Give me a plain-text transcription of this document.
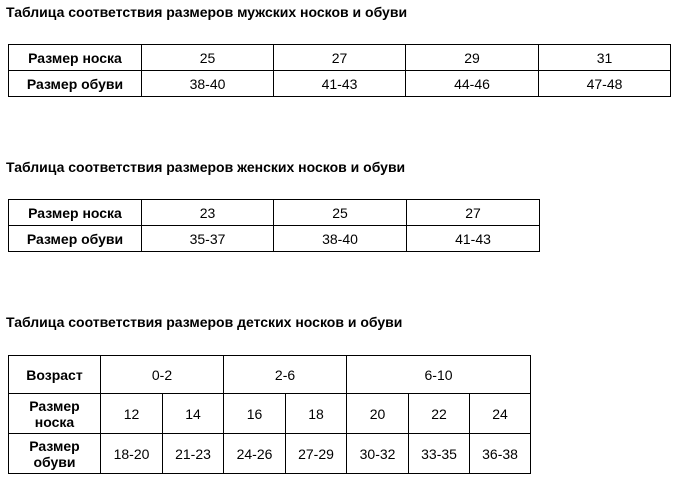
Таблица соответствия размеров мужских носков и обуви
Размер носка	25	27	29	31
Размер обуви	38-40	41-43	44-46	47-48
Таблица соответствия размеров женских носков и обуви
Размер носка	23	25	27
Размер обуви	35-37	38-40	41-43
Таблица соответствия размеров детских носков и обуви
Возраст	0-2		2-6		6-10		
Размер
носка	12	14	16	18	20	22	24
Размер
обуви	18-20	21-23	24-26	27-29	30-32	33-35	36-38
